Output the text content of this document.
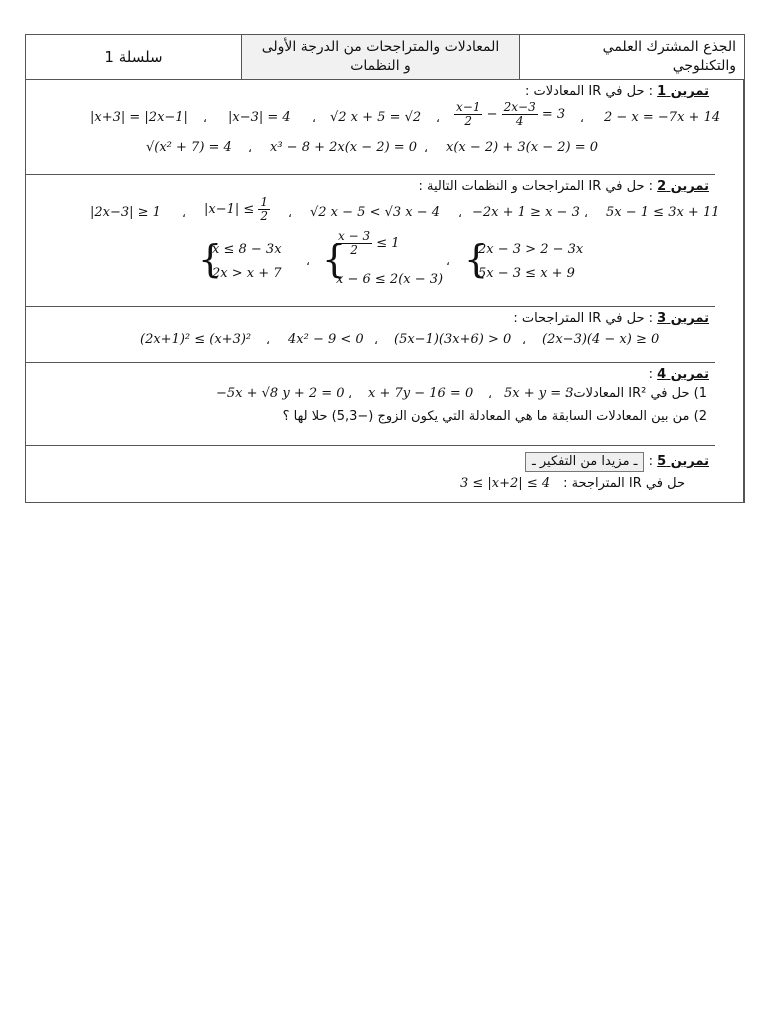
سلسلة 1
المعادلات والمتراجحات من الدرجة الأولى
و النظمات
الجذع المشترك العلمي
والتكنلوجي
تمرين 1 : حل في IR المعادلات :
|x+3| = |2x−1| ، |x−3| = 4 ، √2 x + 5 = √2 ، $\frac{x-1}{2} - \frac{2x-3}{4} = 3$ ، 2 − x = −7x + 14
√(x² + 7) = 4 ، x³ − 8 + 2x(x − 2) = 0 ، x(x − 2) + 3(x − 2) = 0
تمرين 2 : حل في IR المتراجحات و النظمات التالية :
|2x−3| ≥ 1 ، $|x-1| \le \frac{1}{2}$ ، √2 x − 5 < √3 x − 4 ، −2x + 1 ≥ x − 3 ، 5x − 1 ≤ 3x + 11
{
x ≤ 8 − 3x
2x > x + 7
، {
$\frac{x - 3}{2} \le 1$
x − 6 ≤ 2(x − 3)
، {
2x − 3 > 2 − 3x
5x − 3 ≤ x + 9
تمرين 3 : حل في IR المتراجحات :
(2x+1)² ≤ (x+3)² ، 4x² − 9 < 0 ، (5x−1)(3x+6) > 0 ، (2x−3)(4 − x) ≥ 0
تمرين 4 :
1) حل في IR² المعادلات :
5x + y = 3
،
x + 7y − 16 = 0
،
−5x + √8 y + 2 = 0
2) من بين المعادلات السابقة ما هي المعادلة التي يكون الزوج (−5,3) حلا لها ؟
تمرين 5 : ـ مزيدا من التفكير ـ
حل في IR المتراجحة :
3 ≤ |x+2| ≤ 4
